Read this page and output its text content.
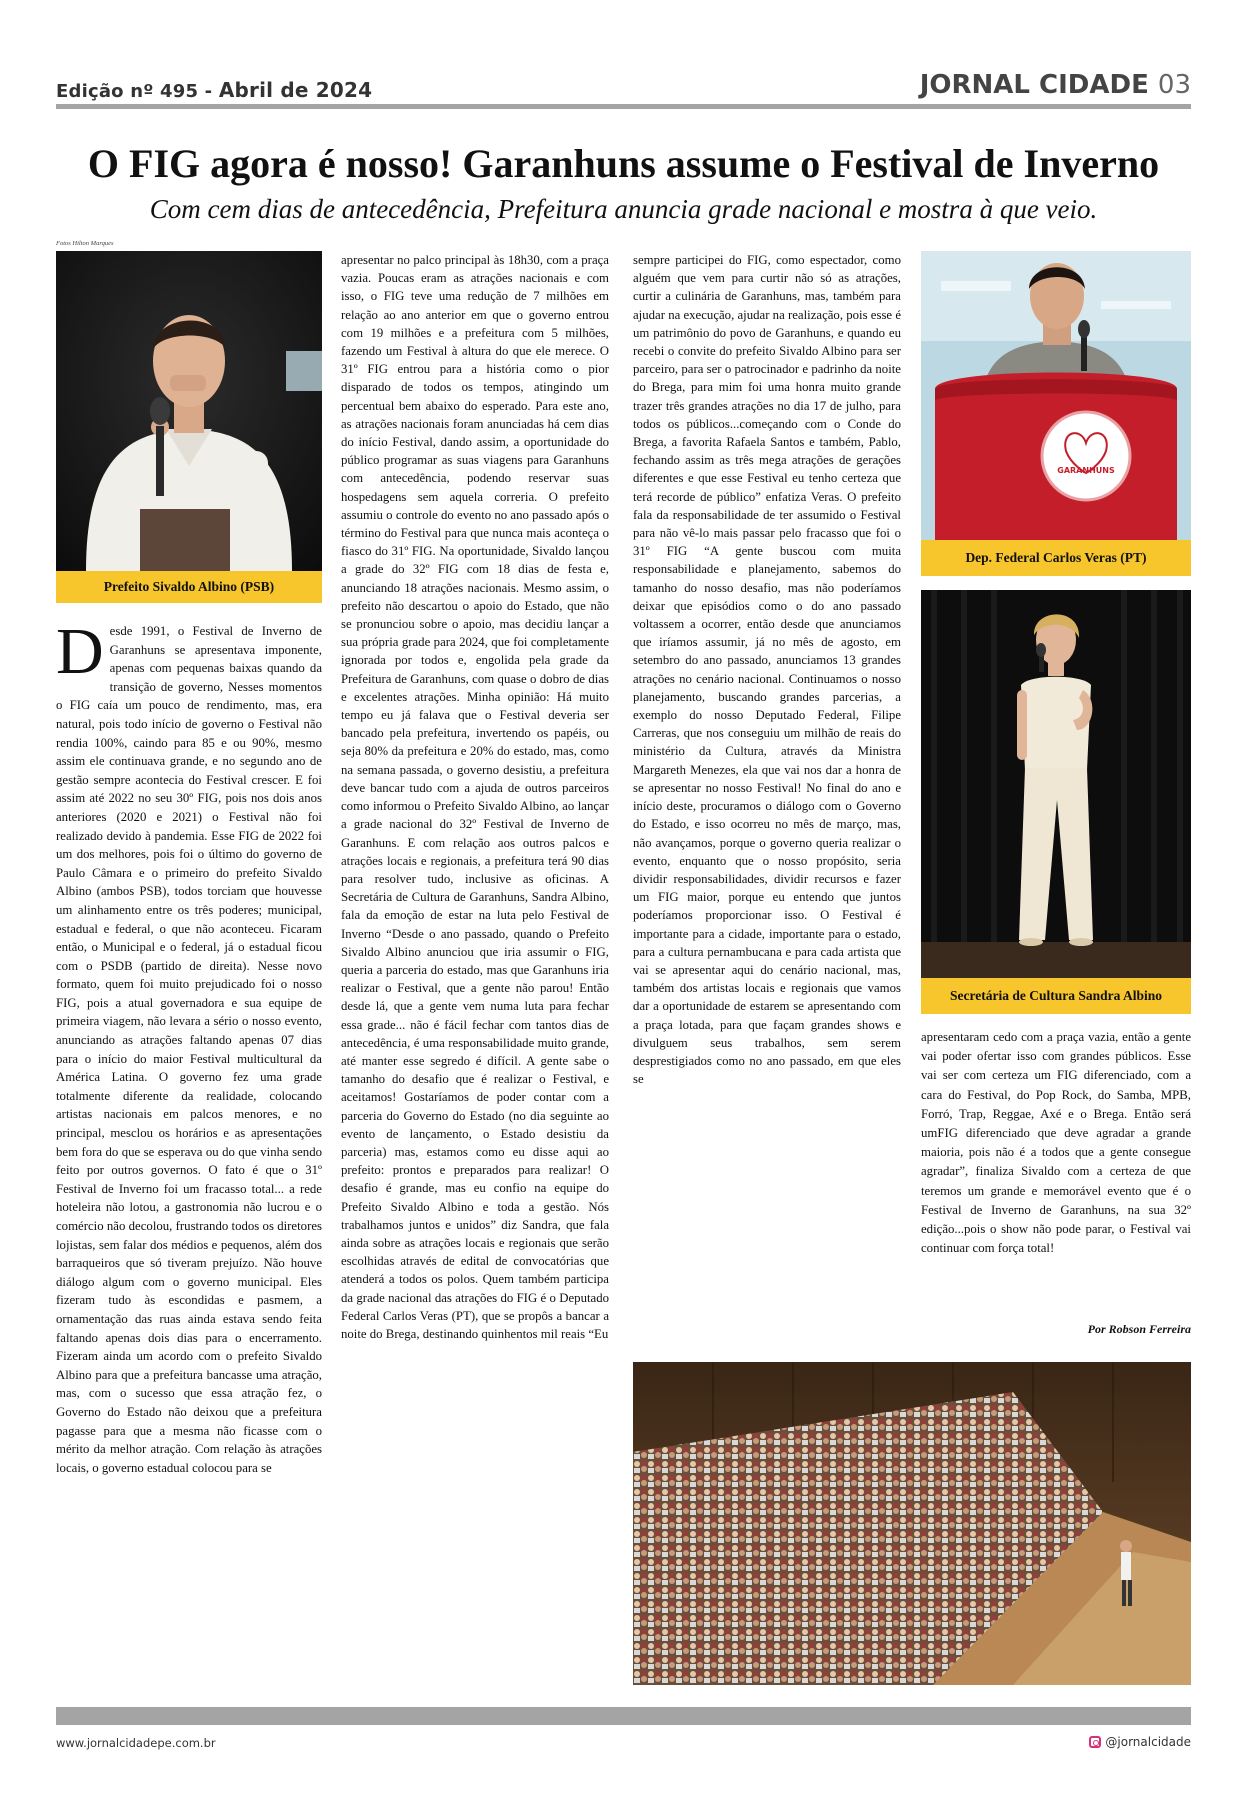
Edição nº 495 - Abril de 2024	JORNAL CIDADE 03
O FIG agora é nosso! Garanhuns assume o Festival de Inverno
Com cem dias de antecedência, Prefeitura anuncia grade nacional e mostra à que veio.
Fotos Hilton Marques
Prefeito Sivaldo Albino (PSB)
Desde 1991, o Festival de Inverno de Garanhuns se apresentava imponente, apenas com pequenas baixas quando da transição de governo, Nesses momentos o FIG caía um pouco de rendimento, mas, era natural, pois todo início de governo o Festival não rendia 100%, caindo para 85 e ou 90%, mesmo assim ele continuava grande, e no segundo ano de gestão sempre acontecia do Festival crescer. E foi assim até 2022 no seu 30º FIG, pois nos dois anos anteriores (2020 e 2021) o Festival não foi realizado devido à pandemia. Esse FIG de 2022 foi um dos melhores, pois foi o último do governo de Paulo Câmara e o primeiro do prefeito Sivaldo Albino (ambos PSB), todos torciam que houvesse um alinhamento entre os três poderes; municipal, estadual e federal, o que não aconteceu. Ficaram então, o Municipal e o federal, já o estadual ficou com o PSDB (partido de direita). Nesse novo formato, quem foi muito prejudicado foi o nosso FIG, pois a atual governadora e sua equipe de primeira viagem, não levara a sério o nosso evento, anunciando as atrações faltando apenas 07 dias para o início do maior Festival multicultural da América Latina. O governo fez uma grade totalmente diferente da realidade, colocando artistas nacionais em palcos menores, e no principal, mesclou os horários e as apresentações bem fora do que se esperava ou do que vinha sendo feito por outros governos. O fato é que o 31º Festival de Inverno foi um fracasso total... a rede hoteleira não lotou, a gastronomia não lucrou e o comércio não decolou, frustrando todos os diretores lojistas, sem falar dos médios e pequenos, além dos barraqueiros que só tiveram prejuízo. Não houve diálogo algum com o governo municipal. Eles fizeram tudo às escondidas e pasmem, a ornamentação das ruas ainda estava sendo feita faltando apenas dois dias para o encerramento. Fizeram ainda um acordo com o prefeito Sivaldo Albino para que a prefeitura bancasse uma atração, mas, com o sucesso que essa atração fez, o Governo do Estado não deixou que a prefeitura pagasse para que a mesma não ficasse com o mérito da melhor atração. Com relação às atrações locais, o governo estadual colocou para se
apresentar no palco principal às 18h30, com a praça vazia. Poucas eram as atrações nacionais e com isso, o FIG teve uma redução de 7 milhões em relação ao ano anterior em que o governo entrou com 19 milhões e a prefeitura com 5 milhões, fazendo um Festival à altura do que ele merece. O 31º FIG entrou para a história como o pior disparado de todos os tempos, atingindo um percentual bem abaixo do esperado. Para este ano, as atrações nacionais foram anunciadas há cem dias do início Festival, dando assim, a oportunidade do público programar as suas viagens para Garanhuns com antecedência, podendo reservar suas hospedagens sem aquela correria. O prefeito assumiu o controle do evento no ano passado após o término do Festival para que nunca mais aconteça o fiasco do 31º FIG. Na oportunidade, Sivaldo lançou a grade do 32º FIG com 18 dias de festa e, anunciando 18 atrações nacionais. Mesmo assim, o prefeito não descartou o apoio do Estado, que não se pronunciou sobre o apoio, mas decidiu lançar a sua própria grade para 2024, que foi completamente ignorada por todos e, engolida pela grade da Prefeitura de Garanhuns, com quase o dobro de dias e excelentes atrações. Minha opinião: Há muito tempo eu já falava que o Festival deveria ser bancado pela prefeitura, invertendo os papéis, ou seja 80% da prefeitura e 20% do estado, mas, como na semana passada, o governo desistiu, a prefeitura deve bancar tudo com a ajuda de outros parceiros como informou o Prefeito Sivaldo Albino, ao lançar a grade nacional do 32º Festival de Inverno de Garanhuns. E com relação aos outros palcos e atrações locais e regionais, a prefeitura terá 90 dias para resolver tudo, inclusive as oficinas. A Secretária de Cultura de Garanhuns, Sandra Albino, fala da emoção de estar na luta pelo Festival de Inverno “Desde o ano passado, quando o Prefeito Sivaldo Albino anunciou que iria assumir o FIG, queria a parceria do estado, mas que Garanhuns iria realizar o Festival, que a gente não parou! Então desde lá, que a gente vem numa luta para fechar essa grade... não é fácil fechar com tantos dias de antecedência, é uma responsabilidade muito grande, até manter esse segredo é difícil. A gente sabe o tamanho do desafio que é realizar o Festival, e aceitamos! Gostaríamos de poder contar com a parceria do Governo do Estado (no dia seguinte ao evento de lançamento, o Estado desistiu da parceria) mas, estamos como eu disse aqui ao prefeito: prontos e preparados para realizar! O desafio é grande, mas eu confio na equipe do Prefeito Sivaldo Albino e toda a gestão. Nós trabalhamos juntos e unidos” diz Sandra, que fala ainda sobre as atrações locais e regionais que serão escolhidas através de edital de convocatórias que atenderá a todos os polos. Quem também participa da grade nacional das atrações do FIG é o Deputado Federal Carlos Veras (PT), que se propôs a bancar a noite do Brega, destinando quinhentos mil reais “Eu
sempre participei do FIG, como espectador, como alguém que vem para curtir não só as atrações, curtir a culinária de Garanhuns, mas, também para ajudar na execução, ajudar na realização, pois esse é um patrimônio do povo de Garanhuns, e quando eu recebi o convite do prefeito Sivaldo Albino para ser parceiro, para ser o patrocinador e padrinho da noite do Brega, para mim foi uma honra muito grande trazer três grandes atrações no dia 17 de julho, para todos os públicos...começando com o Conde do Brega, a favorita Rafaela Santos e também, Pablo, fechando assim as três mega atrações de gerações diferentes e que esse Festival eu tenho certeza que terá recorde de público” enfatiza Veras. O prefeito fala da responsabilidade de ter assumido o Festival para não vê-lo mais passar pelo fracasso que foi o 31º FIG “A gente buscou com muita responsabilidade e planejamento, sabemos do tamanho do nosso desafio, mas não poderíamos deixar que episódios como o do ano passado voltassem a ocorrer, então desde que anunciamos que iríamos assumir, já no mês de agosto, em setembro do ano passado, anunciamos 13 grandes atrações no cenário nacional. Continuamos o nosso planejamento, buscando grandes parcerias, a exemplo do nosso Deputado Federal, Filipe Carreras, que nos conseguiu um milhão de reais do ministério da Cultura, através da Ministra Margareth Menezes, ela que vai nos dar a honra de se apresentar no nosso Festival! No final do ano e início deste, procuramos o diálogo com o Governo do Estado, e isso ocorreu no mês de março, mas, não avançamos, porque o governo queria realizar o evento, enquanto que o nosso propósito, seria dividir responsabilidades, dividir recursos e fazer um FIG maior, porque eu entendo que juntos poderíamos proporcionar isso. O Festival é importante para a cidade, importante para o estado, para a cultura pernambucana e para cada artista que vai se apresentar aqui do cenário nacional, mas, também dos artistas locais e regionais que vamos dar a oportunidade de estarem se apresentando com a praça lotada, para que façam grandes shows e divulguem seus trabalhos, sem serem desprestigiados como no ano passado, em que eles se
GARANHUNS
Dep. Federal Carlos Veras (PT)
Secretária de Cultura Sandra Albino
apresentaram cedo com a praça vazia, então a gente vai poder ofertar isso com grandes públicos. Esse vai ser com certeza um FIG diferenciado, com a cara do Festival, do Pop Rock, do Samba, MPB, Forró, Trap, Reggae, Axé e o Brega. Então será umFIG diferenciado que deve agradar a grande maioria, pois não é a todos que a gente consegue agradar”, finaliza Sivaldo com a certeza de que teremos um grande e memorável evento que é o Festival de Inverno de Garanhuns, na sua 32º edição...pois o show não pode parar, o Festival vai continuar com força total!
Por Robson Ferreira
www.jornalcidadepe.com.br	@jornalcidade
